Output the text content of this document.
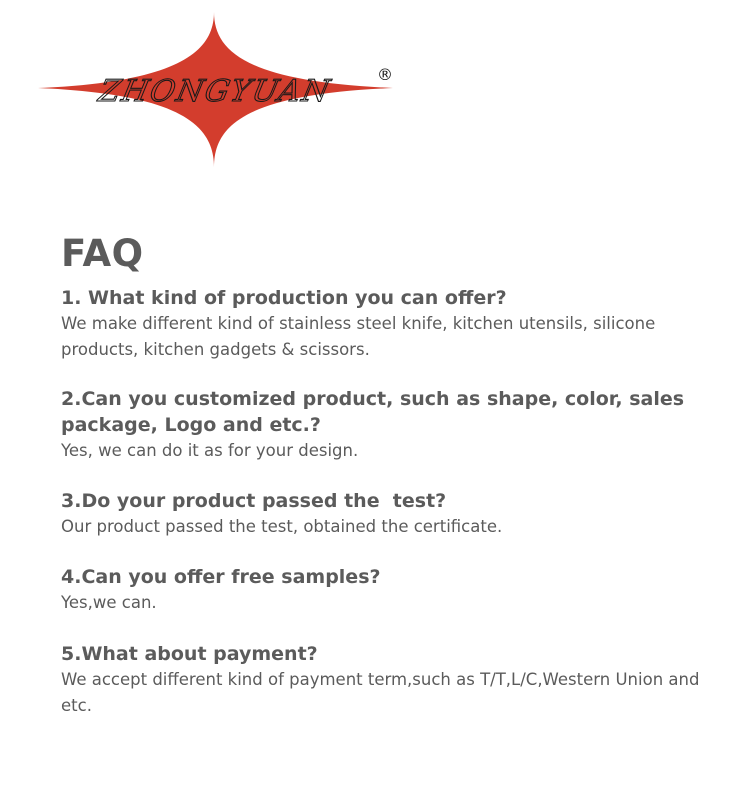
ZHONGYUAN	®
FAQ
1. What kind of production you can offer?
We make different kind of stainless steel knife, kitchen utensils, silicone products, kitchen gadgets & scissors.
2.Can you customized product, such as shape, color, sales package, Logo and etc.?
Yes, we can do it as for your design.
3.Do your product passed the  test?
Our product passed the test, obtained the certificate.
4.Can you offer free samples?
Yes,we can.
5.What about payment?
We accept different kind of payment term,such as T/T,L/C,Western Union and etc.
